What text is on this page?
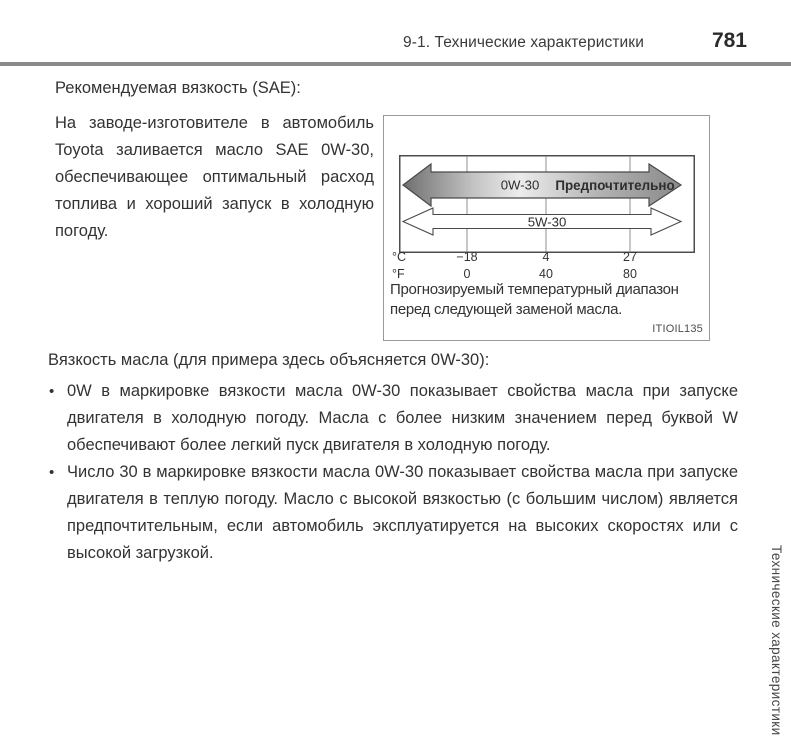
9-1. Технические характеристики	781
Рекомендуемая вязкость (SAE):
На заводе-изготовителе в автомобиль Toyota заливается масло SAE 0W-30, обеспечивающее оптимальный расход топлива и хороший запуск в холодную погоду.
0W-30 Предпочтительно
5W-30
°C	−18	4	27
°F	0	40	80
Прогнозируемый температурный диапазон
перед следующей заменой масла.
ITIOIL135
Вязкость масла (для примера здесь объясняется 0W-30):
• 0W в маркировке вязкости масла 0W-30 показывает свойства масла при запуске двигателя в холодную погоду. Масла с более низким значением перед буквой W обеспечивают более легкий пуск двигателя в холодную погоду.
• Число 30 в маркировке вязкости масла 0W-30 показывает свойства масла при запуске двигателя в теплую погоду. Масло с высокой вязкостью (с большим числом) является предпочтительным, если автомобиль эксплуатируется на высоких скоростях или с высокой загрузкой.	Технические характеристики
